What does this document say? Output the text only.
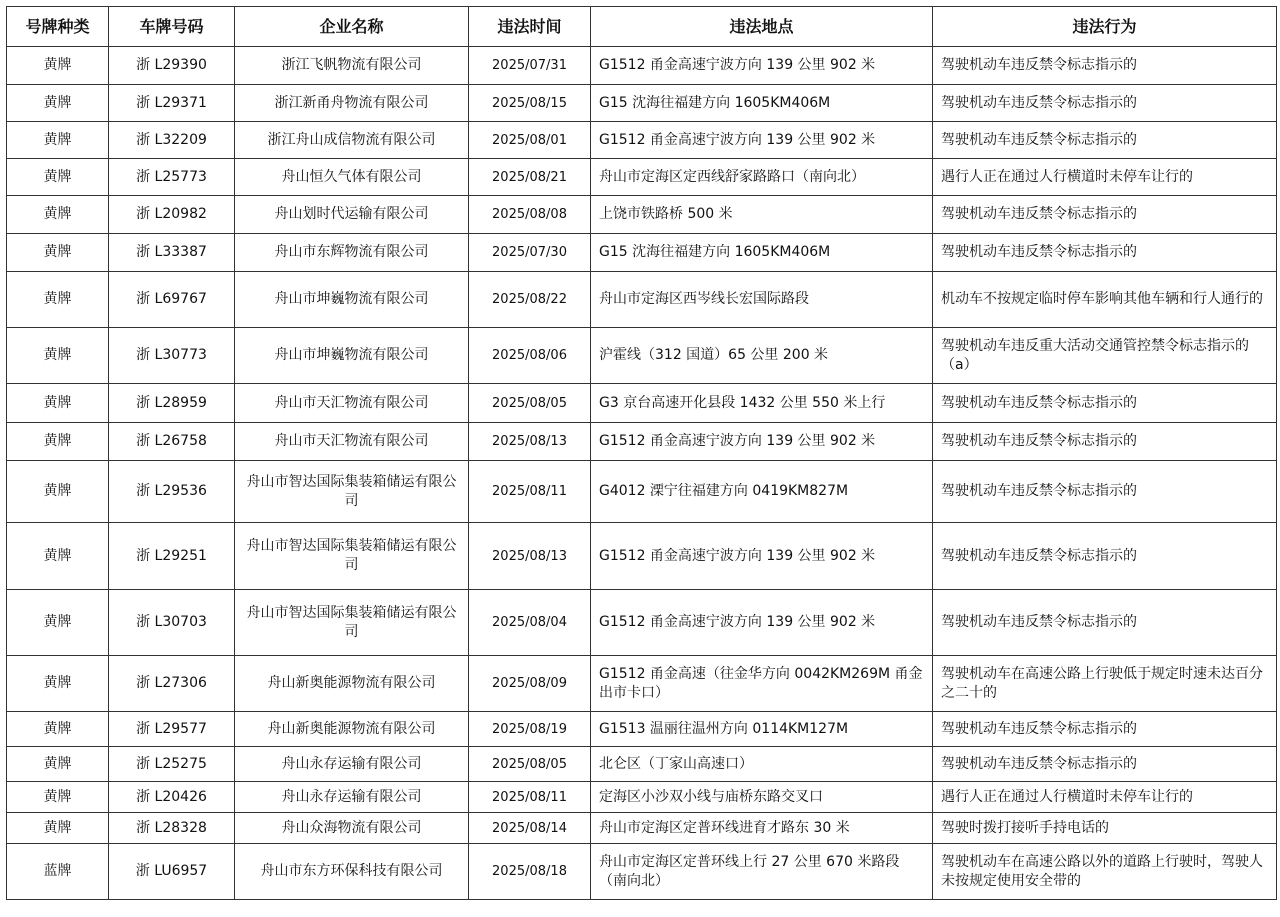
号牌种类	车牌号码	企业名称	违法时间	违法地点	违法行为
黄牌	浙 L29390	浙江飞帆物流有限公司	2025/07/31	G1512 甬金高速宁波方向 139 公里 902 米	驾驶机动车违反禁令标志指示的
黄牌	浙 L29371	浙江新甬舟物流有限公司	2025/08/15	G15 沈海往福建方向 1605KM406M	驾驶机动车违反禁令标志指示的
黄牌	浙 L32209	浙江舟山成信物流有限公司	2025/08/01	G1512 甬金高速宁波方向 139 公里 902 米	驾驶机动车违反禁令标志指示的
黄牌	浙 L25773	舟山恒久气体有限公司	2025/08/21	舟山市定海区定西线舒家路路口（南向北）	遇行人正在通过人行横道时未停车让行的
黄牌	浙 L20982	舟山划时代运输有限公司	2025/08/08	上饶市铁路桥 500 米	驾驶机动车违反禁令标志指示的
黄牌	浙 L33387	舟山市东辉物流有限公司	2025/07/30	G15 沈海往福建方向 1605KM406M	驾驶机动车违反禁令标志指示的
黄牌	浙 L69767	舟山市坤巍物流有限公司	2025/08/22	舟山市定海区西岑线长宏国际路段	机动车不按规定临时停车影响其他车辆和行人通行的
黄牌	浙 L30773	舟山市坤巍物流有限公司	2025/08/06	沪霍线（312 国道）65 公里 200 米	驾驶机动车违反重大活动交通管控禁令标志指示的（a）
黄牌	浙 L28959	舟山市天汇物流有限公司	2025/08/05	G3 京台高速开化县段 1432 公里 550 米上行	驾驶机动车违反禁令标志指示的
黄牌	浙 L26758	舟山市天汇物流有限公司	2025/08/13	G1512 甬金高速宁波方向 139 公里 902 米	驾驶机动车违反禁令标志指示的
黄牌	浙 L29536	舟山市智达国际集装箱储运有限公司	2025/08/11	G4012 溧宁往福建方向 0419KM827M	驾驶机动车违反禁令标志指示的
黄牌	浙 L29251	舟山市智达国际集装箱储运有限公司	2025/08/13	G1512 甬金高速宁波方向 139 公里 902 米	驾驶机动车违反禁令标志指示的
黄牌	浙 L30703	舟山市智达国际集装箱储运有限公司	2025/08/04	G1512 甬金高速宁波方向 139 公里 902 米	驾驶机动车违反禁令标志指示的
黄牌	浙 L27306	舟山新奥能源物流有限公司	2025/08/09	G1512 甬金高速（往金华方向 0042KM269M 甬金出市卡口）	驾驶机动车在高速公路上行驶低于规定时速未达百分之二十的
黄牌	浙 L29577	舟山新奥能源物流有限公司	2025/08/19	G1513 温丽往温州方向 0114KM127M	驾驶机动车违反禁令标志指示的
黄牌	浙 L25275	舟山永存运输有限公司	2025/08/05	北仑区（丁家山高速口）	驾驶机动车违反禁令标志指示的
黄牌	浙 L20426	舟山永存运输有限公司	2025/08/11	定海区小沙双小线与庙桥东路交叉口	遇行人正在通过人行横道时未停车让行的
黄牌	浙 L28328	舟山众海物流有限公司	2025/08/14	舟山市定海区定普环线进育才路东 30 米	驾驶时拨打接听手持电话的
蓝牌	浙 LU6957	舟山市东方环保科技有限公司	2025/08/18	舟山市定海区定普环线上行 27 公里 670 米路段（南向北）	驾驶机动车在高速公路以外的道路上行驶时，驾驶人未按规定使用安全带的
